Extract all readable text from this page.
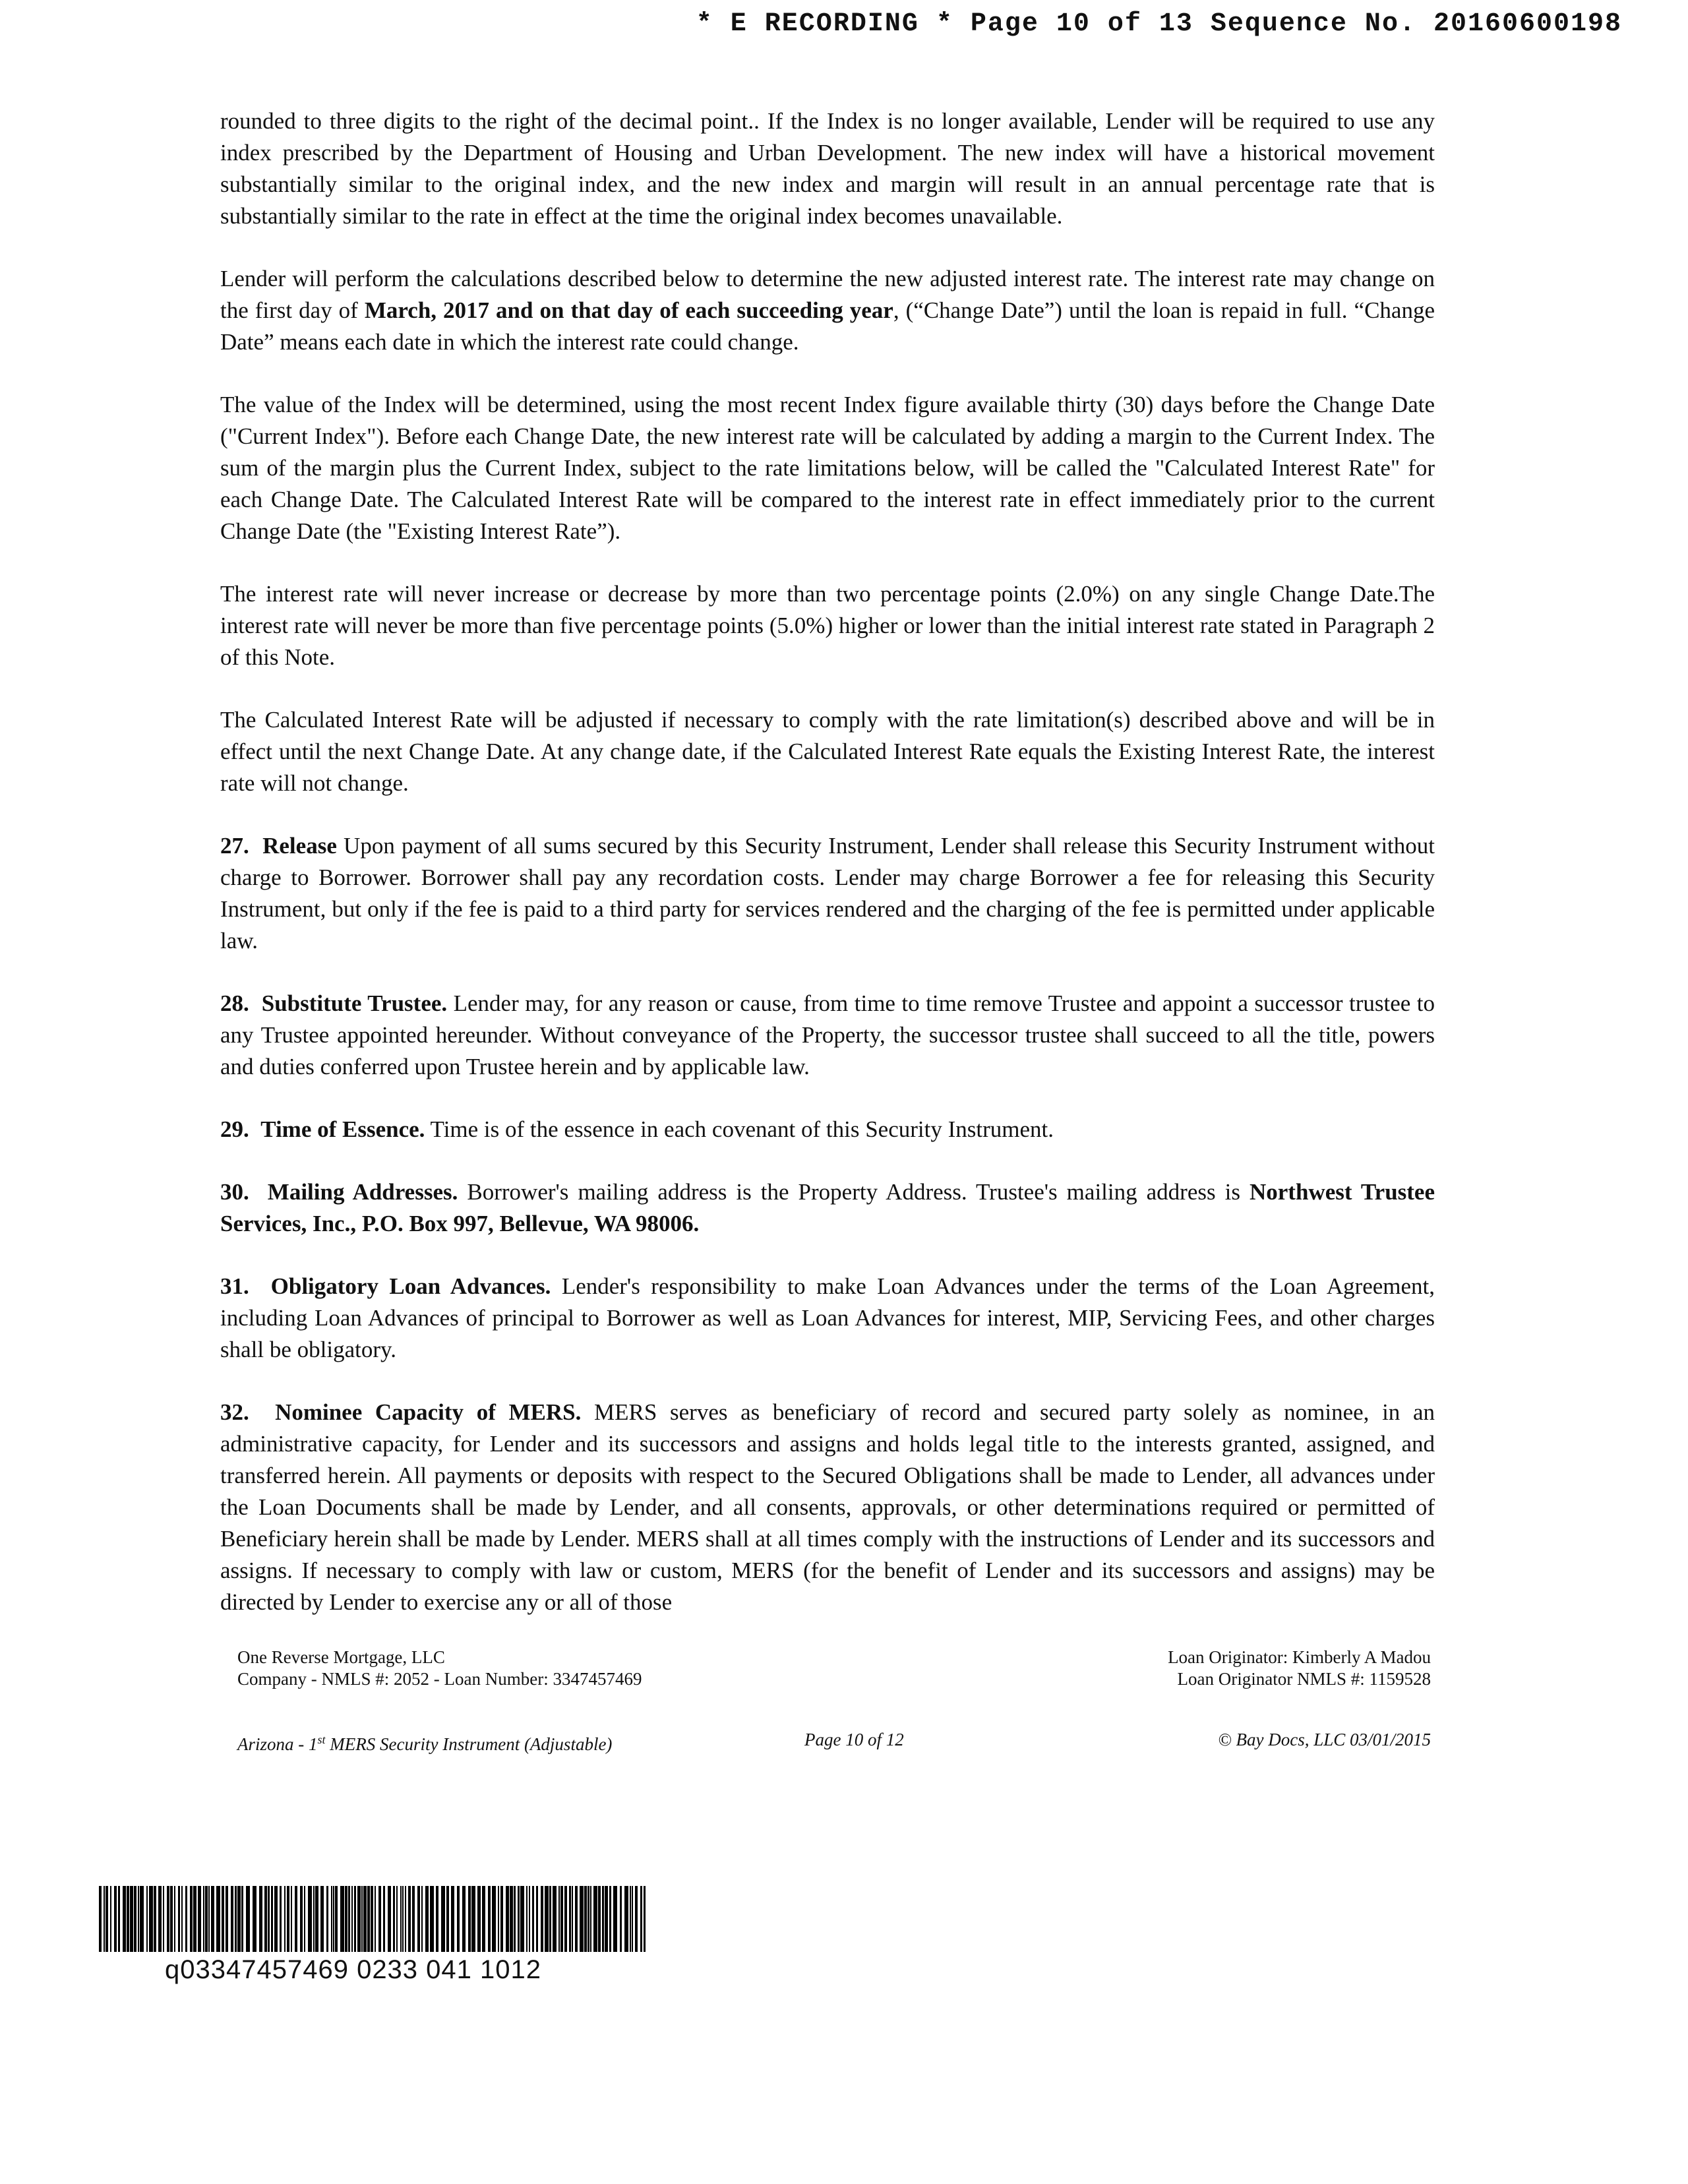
* E RECORDING * Page 10 of 13 Sequence No. 20160600198

rounded to three digits to the right of the decimal point.. If the Index is no longer available, Lender will be required to use any index prescribed by the Department of Housing and Urban Development. The new index will have a historical movement substantially similar to the original index, and the new index and margin will result in an annual percentage rate that is substantially similar to the rate in effect at the time the original index becomes unavailable.

Lender will perform the calculations described below to determine the new adjusted interest rate. The interest rate may change on the first day of March, 2017 and on that day of each succeeding year, (“Change Date”) until the loan is repaid in full. “Change Date” means each date in which the interest rate could change.

The value of the Index will be determined, using the most recent Index figure available thirty (30) days before the Change Date ("Current Index"). Before each Change Date, the new interest rate will be calculated by adding a margin to the Current Index. The sum of the margin plus the Current Index, subject to the rate limitations below, will be called the "Calculated Interest Rate" for each Change Date. The Calculated Interest Rate will be compared to the interest rate in effect immediately prior to the current Change Date (the "Existing Interest Rate”).

The interest rate will never increase or decrease by more than two percentage points (2.0%) on any single Change Date.The interest rate will never be more than five percentage points (5.0%) higher or lower than the initial interest rate stated in Paragraph 2 of this Note.

The Calculated Interest Rate will be adjusted if necessary to comply with the rate limitation(s) described above and will be in effect until the next Change Date. At any change date, if the Calculated Interest Rate equals the Existing Interest Rate, the interest rate will not change.

27. Release Upon payment of all sums secured by this Security Instrument, Lender shall release this Security Instrument without charge to Borrower. Borrower shall pay any recordation costs. Lender may charge Borrower a fee for releasing this Security Instrument, but only if the fee is paid to a third party for services rendered and the charging of the fee is permitted under applicable law.

28. Substitute Trustee. Lender may, for any reason or cause, from time to time remove Trustee and appoint a successor trustee to any Trustee appointed hereunder. Without conveyance of the Property, the successor trustee shall succeed to all the title, powers and duties conferred upon Trustee herein and by applicable law.

29. Time of Essence. Time is of the essence in each covenant of this Security Instrument.

30. Mailing Addresses. Borrower's mailing address is the Property Address. Trustee's mailing address is Northwest Trustee Services, Inc., P.O. Box 997, Bellevue, WA 98006.

31. Obligatory Loan Advances. Lender's responsibility to make Loan Advances under the terms of the Loan Agreement, including Loan Advances of principal to Borrower as well as Loan Advances for interest, MIP, Servicing Fees, and other charges shall be obligatory.

32. Nominee Capacity of MERS. MERS serves as beneficiary of record and secured party solely as nominee, in an administrative capacity, for Lender and its successors and assigns and holds legal title to the interests granted, assigned, and transferred herein. All payments or deposits with respect to the Secured Obligations shall be made to Lender, all advances under the Loan Documents shall be made by Lender, and all consents, approvals, or other determinations required or permitted of Beneficiary herein shall be made by Lender. MERS shall at all times comply with the instructions of Lender and its successors and assigns. If necessary to comply with law or custom, MERS (for the benefit of Lender and its successors and assigns) may be directed by Lender to exercise any or all of those

One Reverse Mortgage, LLC
Company - NMLS #: 2052 - Loan Number: 3347457469
Loan Originator: Kimberly A Madou
Loan Originator NMLS #: 1159528
Arizona - 1st MERS Security Instrument (Adjustable)	Page 10 of 12	© Bay Docs, LLC 03/01/2015
q03347457469 0233 041 1012
